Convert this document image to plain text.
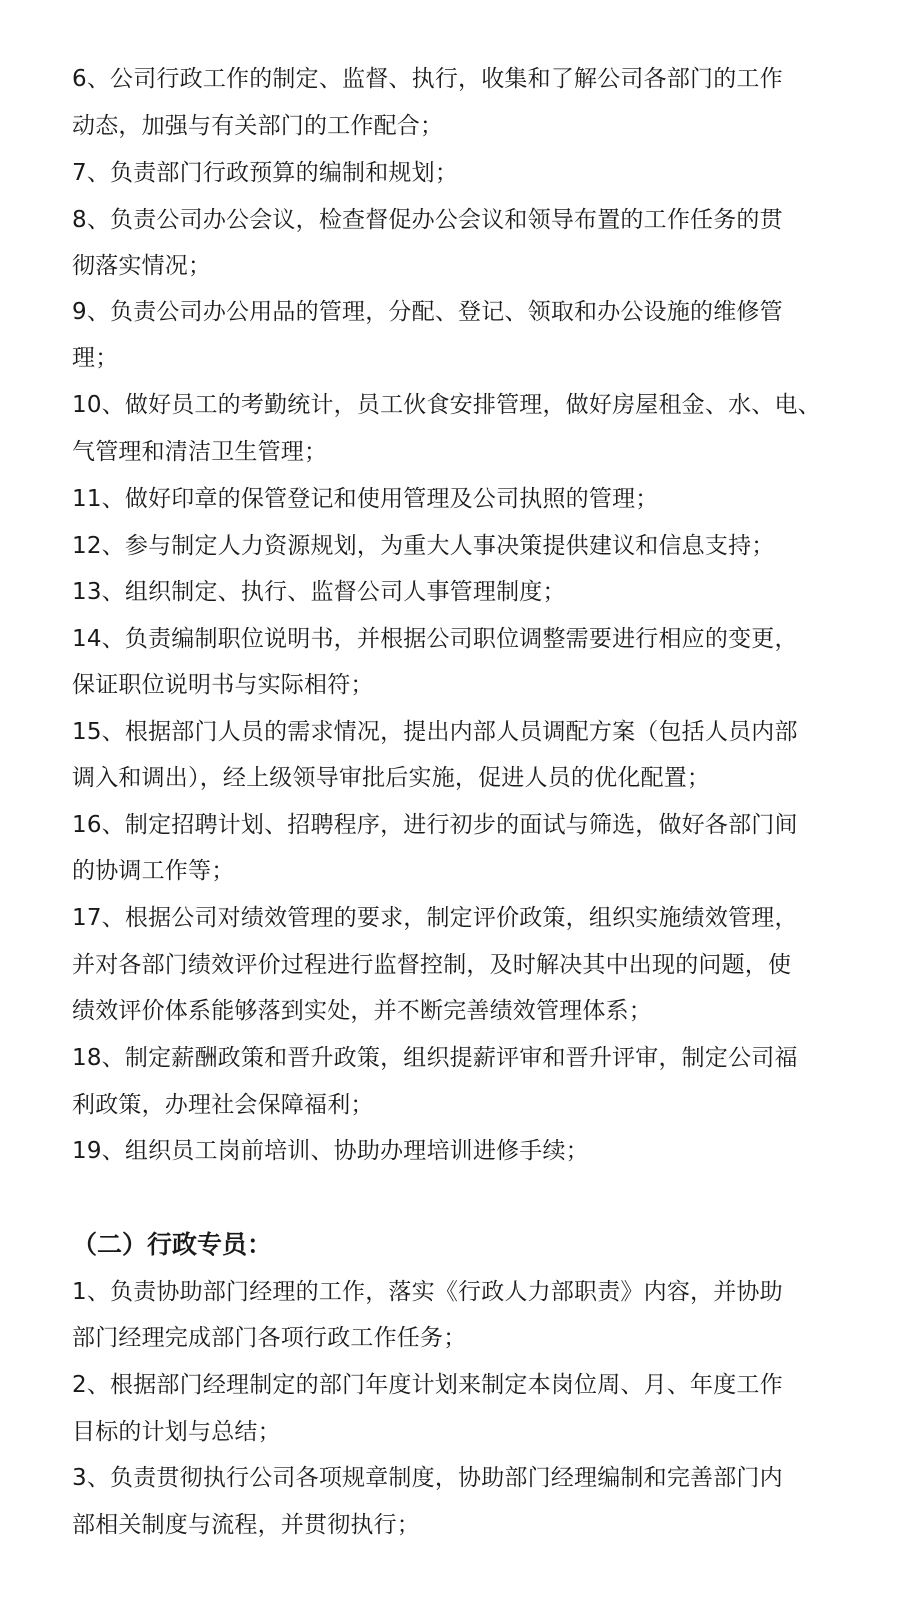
6、公司行政工作的制定、监督、执行，收集和了解公司各部门的工作
动态，加强与有关部门的工作配合；
7、负责部门行政预算的编制和规划；
8、负责公司办公会议，检查督促办公会议和领导布置的工作任务的贯
彻落实情况；
9、负责公司办公用品的管理，分配、登记、领取和办公设施的维修管
理；
10、做好员工的考勤统计，员工伙食安排管理，做好房屋租金、水、电、
气管理和清洁卫生管理；
11、做好印章的保管登记和使用管理及公司执照的管理；
12、参与制定人力资源规划，为重大人事决策提供建议和信息支持；
13、组织制定、执行、监督公司人事管理制度；
14、负责编制职位说明书，并根据公司职位调整需要进行相应的变更，
保证职位说明书与实际相符；
15、根据部门人员的需求情况，提出内部人员调配方案（包括人员内部
调入和调出），经上级领导审批后实施，促进人员的优化配置；
16、制定招聘计划、招聘程序，进行初步的面试与筛选，做好各部门间
的协调工作等；
17、根据公司对绩效管理的要求，制定评价政策，组织实施绩效管理，
并对各部门绩效评价过程进行监督控制，及时解决其中出现的问题，使
绩效评价体系能够落到实处，并不断完善绩效管理体系；
18、制定薪酬政策和晋升政策，组织提薪评审和晋升评审，制定公司福
利政策，办理社会保障福利；
19、组织员工岗前培训、协助办理培训进修手续；
（二）行政专员：
1、负责协助部门经理的工作，落实《行政人力部职责》内容，并协助
部门经理完成部门各项行政工作任务；
2、根据部门经理制定的部门年度计划来制定本岗位周、月、年度工作
目标的计划与总结；
3、负责贯彻执行公司各项规章制度，协助部门经理编制和完善部门内
部相关制度与流程，并贯彻执行；
